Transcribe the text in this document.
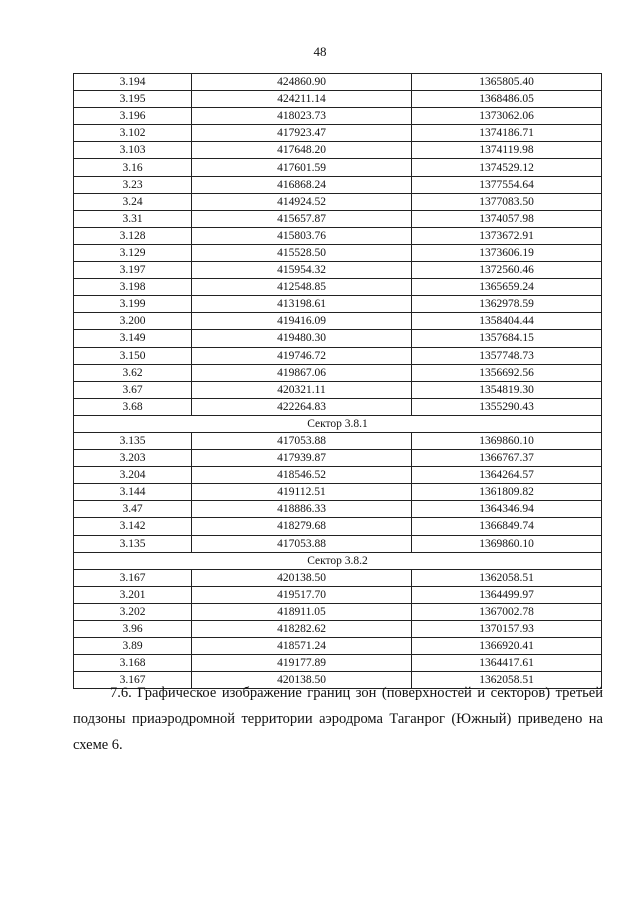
48
3.194	424860.90	1365805.40
3.195	424211.14	1368486.05
3.196	418023.73	1373062.06
3.102	417923.47	1374186.71
3.103	417648.20	1374119.98
3.16	417601.59	1374529.12
3.23	416868.24	1377554.64
3.24	414924.52	1377083.50
3.31	415657.87	1374057.98
3.128	415803.76	1373672.91
3.129	415528.50	1373606.19
3.197	415954.32	1372560.46
3.198	412548.85	1365659.24
3.199	413198.61	1362978.59
3.200	419416.09	1358404.44
3.149	419480.30	1357684.15
3.150	419746.72	1357748.73
3.62	419867.06	1356692.56
3.67	420321.11	1354819.30
3.68	422264.83	1355290.43
Сектор 3.8.1		
3.135	417053.88	1369860.10
3.203	417939.87	1366767.37
3.204	418546.52	1364264.57
3.144	419112.51	1361809.82
3.47	418886.33	1364346.94
3.142	418279.68	1366849.74
3.135	417053.88	1369860.10
Сектор 3.8.2		
3.167	420138.50	1362058.51
3.201	419517.70	1364499.97
3.202	418911.05	1367002.78
3.96	418282.62	1370157.93
3.89	418571.24	1366920.41
3.168	419177.89	1364417.61
3.167	420138.50	1362058.51

7.6. Графическое изображение границ зон (поверхностей и секторов) третьей подзоны приаэродромной территории аэродрома Таганрог (Южный) приведено на схеме 6.
